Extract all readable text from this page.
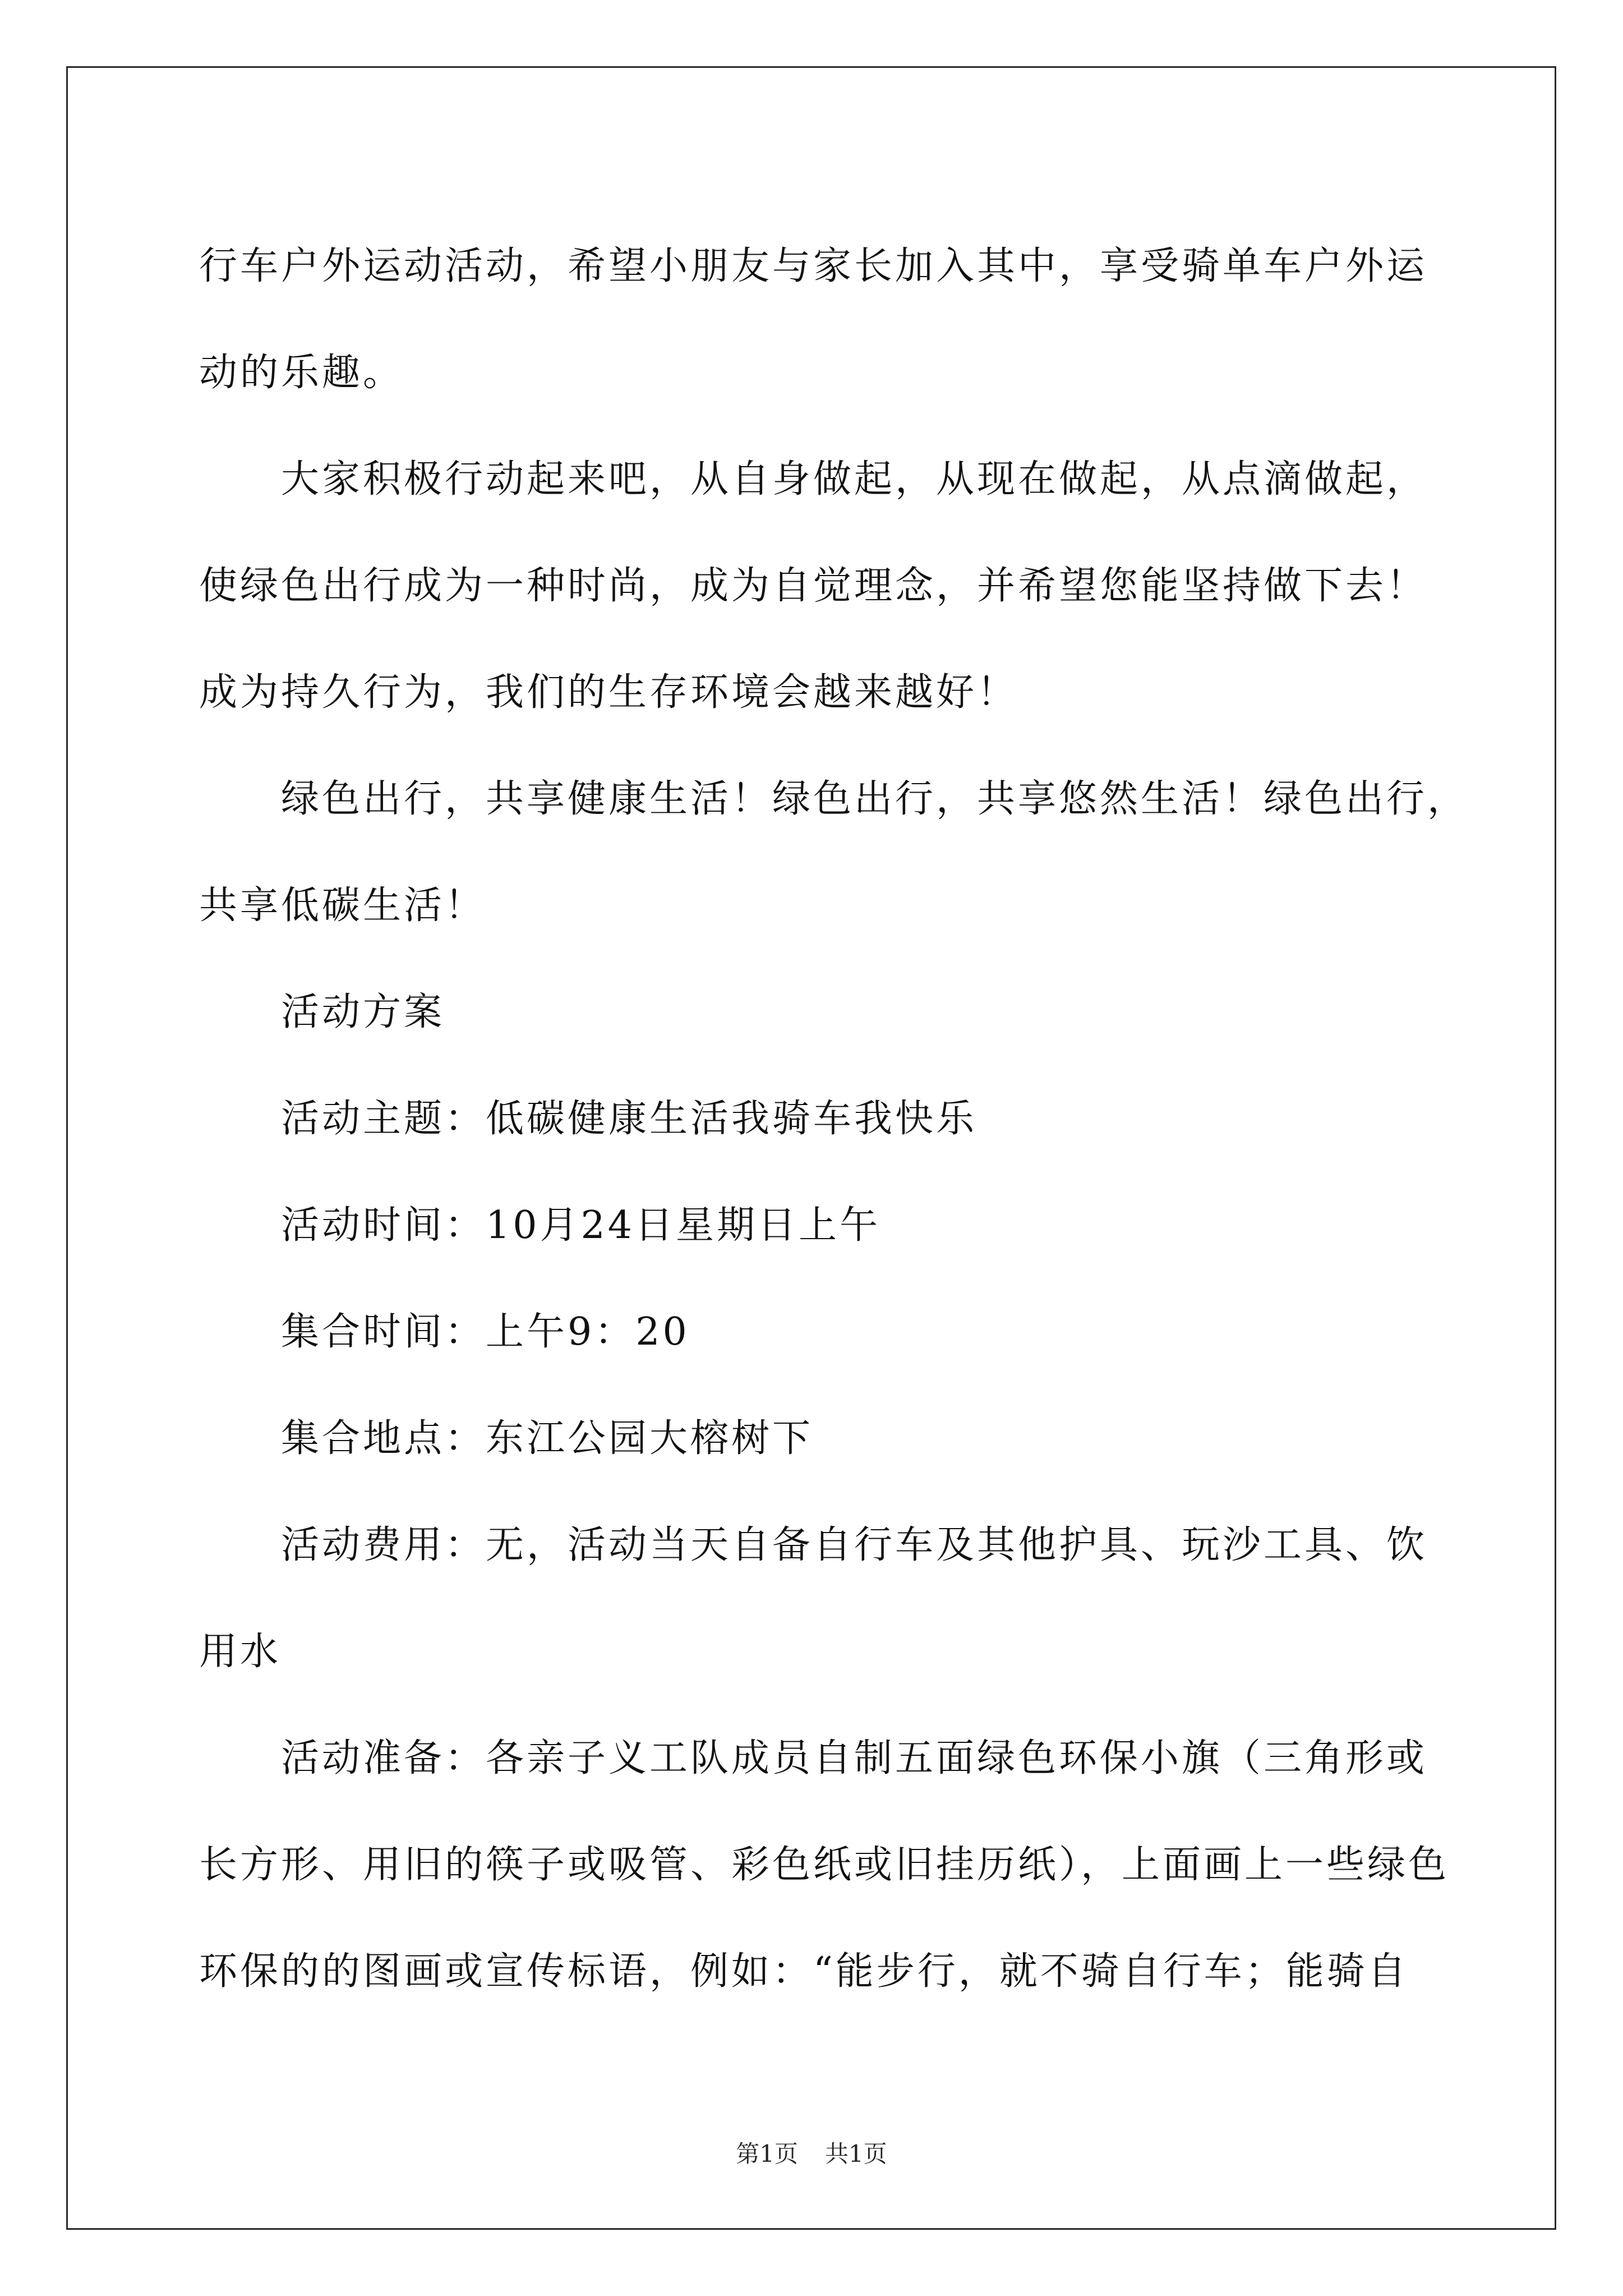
行车户外运动活动，希望小朋友与家长加入其中，享受骑单车户外运
动的乐趣。
大家积极行动起来吧，从自身做起，从现在做起，从点滴做起，
使绿色出行成为一种时尚，成为自觉理念，并希望您能坚持做下去！
成为持久行为，我们的生存环境会越来越好！
绿色出行，共享健康生活！绿色出行，共享悠然生活！绿色出行，
共享低碳生活！
活动方案
活动主题：低碳健康生活我骑车我快乐
活动时间：10月24日星期日上午
集合时间：上午9：20
集合地点：东江公园大榕树下
活动费用：无，活动当天自备自行车及其他护具、玩沙工具、饮
用水
活动准备：各亲子义工队成员自制五面绿色环保小旗（三角形或
长方形、用旧的筷子或吸管、彩色纸或旧挂历纸），上面画上一些绿色
环保的的图画或宣传标语，例如：“能步行，就不骑自行车；能骑自
第1页 共1页
